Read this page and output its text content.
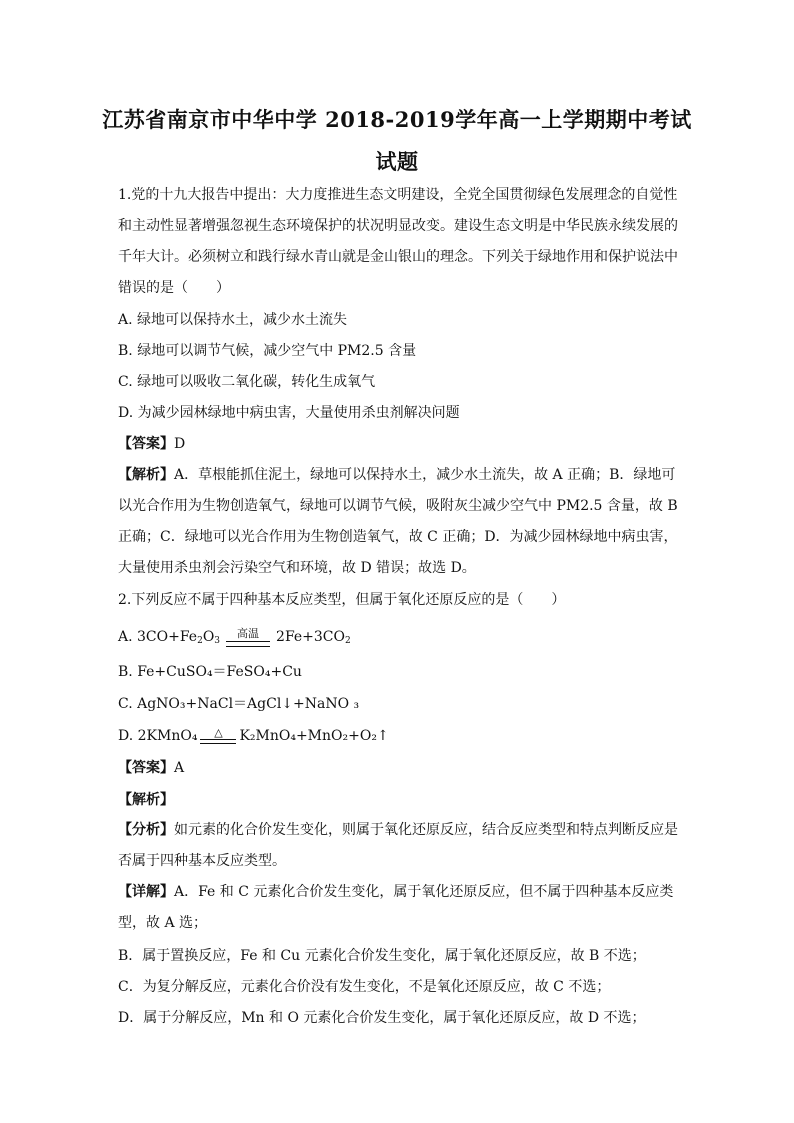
江苏省南京市中华中学 2018-2019学年高一上学期期中考试
试题

1.党的十九大报告中提出：大力度推进生态文明建设，全党全国贯彻绿色发展理念的自觉性和主动性显著增强忽视生态环境保护的状况明显改变。建设生态文明是中华民族永续发展的千年大计。必须树立和践行绿水青山就是金山银山的理念。下列关于绿地作用和保护说法中错误的是（　　）

A. 绿地可以保持水土，减少水土流失
B. 绿地可以调节气候，减少空气中 PM2.5 含量
C. 绿地可以吸收二氧化碳，转化生成氧气
D. 为减少园林绿地中病虫害，大量使用杀虫剂解决问题
【答案】D

【解析】A．草根能抓住泥土，绿地可以保持水土，减少水土流失，故 A 正确；B．绿地可以光合作用为生物创造氧气，绿地可以调节气候，吸附灰尘减少空气中 PM2.5 含量，故 B 正确；C．绿地可以光合作用为生物创造氧气，故 C 正确；D．为减少园林绿地中病虫害，大量使用杀虫剂会污染空气和环境，故 D 错误；故选 D。

2.下列反应不属于四种基本反应类型，但属于氧化还原反应的是（　　）
A. $3CO+Fe_2O_3$高温 $2Fe+3CO_2$
B. Fe+CuSO₄＝FeSO₄+Cu
C. AgNO₃+NaCl＝AgCl↓+NaNO ₃
D. 2KMnO₄ △ K₂MnO₄+MnO₂+O₂↑
【答案】A
【解析】

【分析】如元素的化合价发生变化，则属于氧化还原反应，结合反应类型和特点判断反应是否属于四种基本反应类型。

【详解】A．Fe 和 C 元素化合价发生变化，属于氧化还原反应，但不属于四种基本反应类型，故 A 选；

B．属于置换反应，Fe 和 Cu 元素化合价发生变化，属于氧化还原反应，故 B 不选；
C．为复分解反应，元素化合价没有发生变化，不是氧化还原反应，故 C 不选；
D．属于分解反应，Mn 和 O 元素化合价发生变化，属于氧化还原反应，故 D 不选；
